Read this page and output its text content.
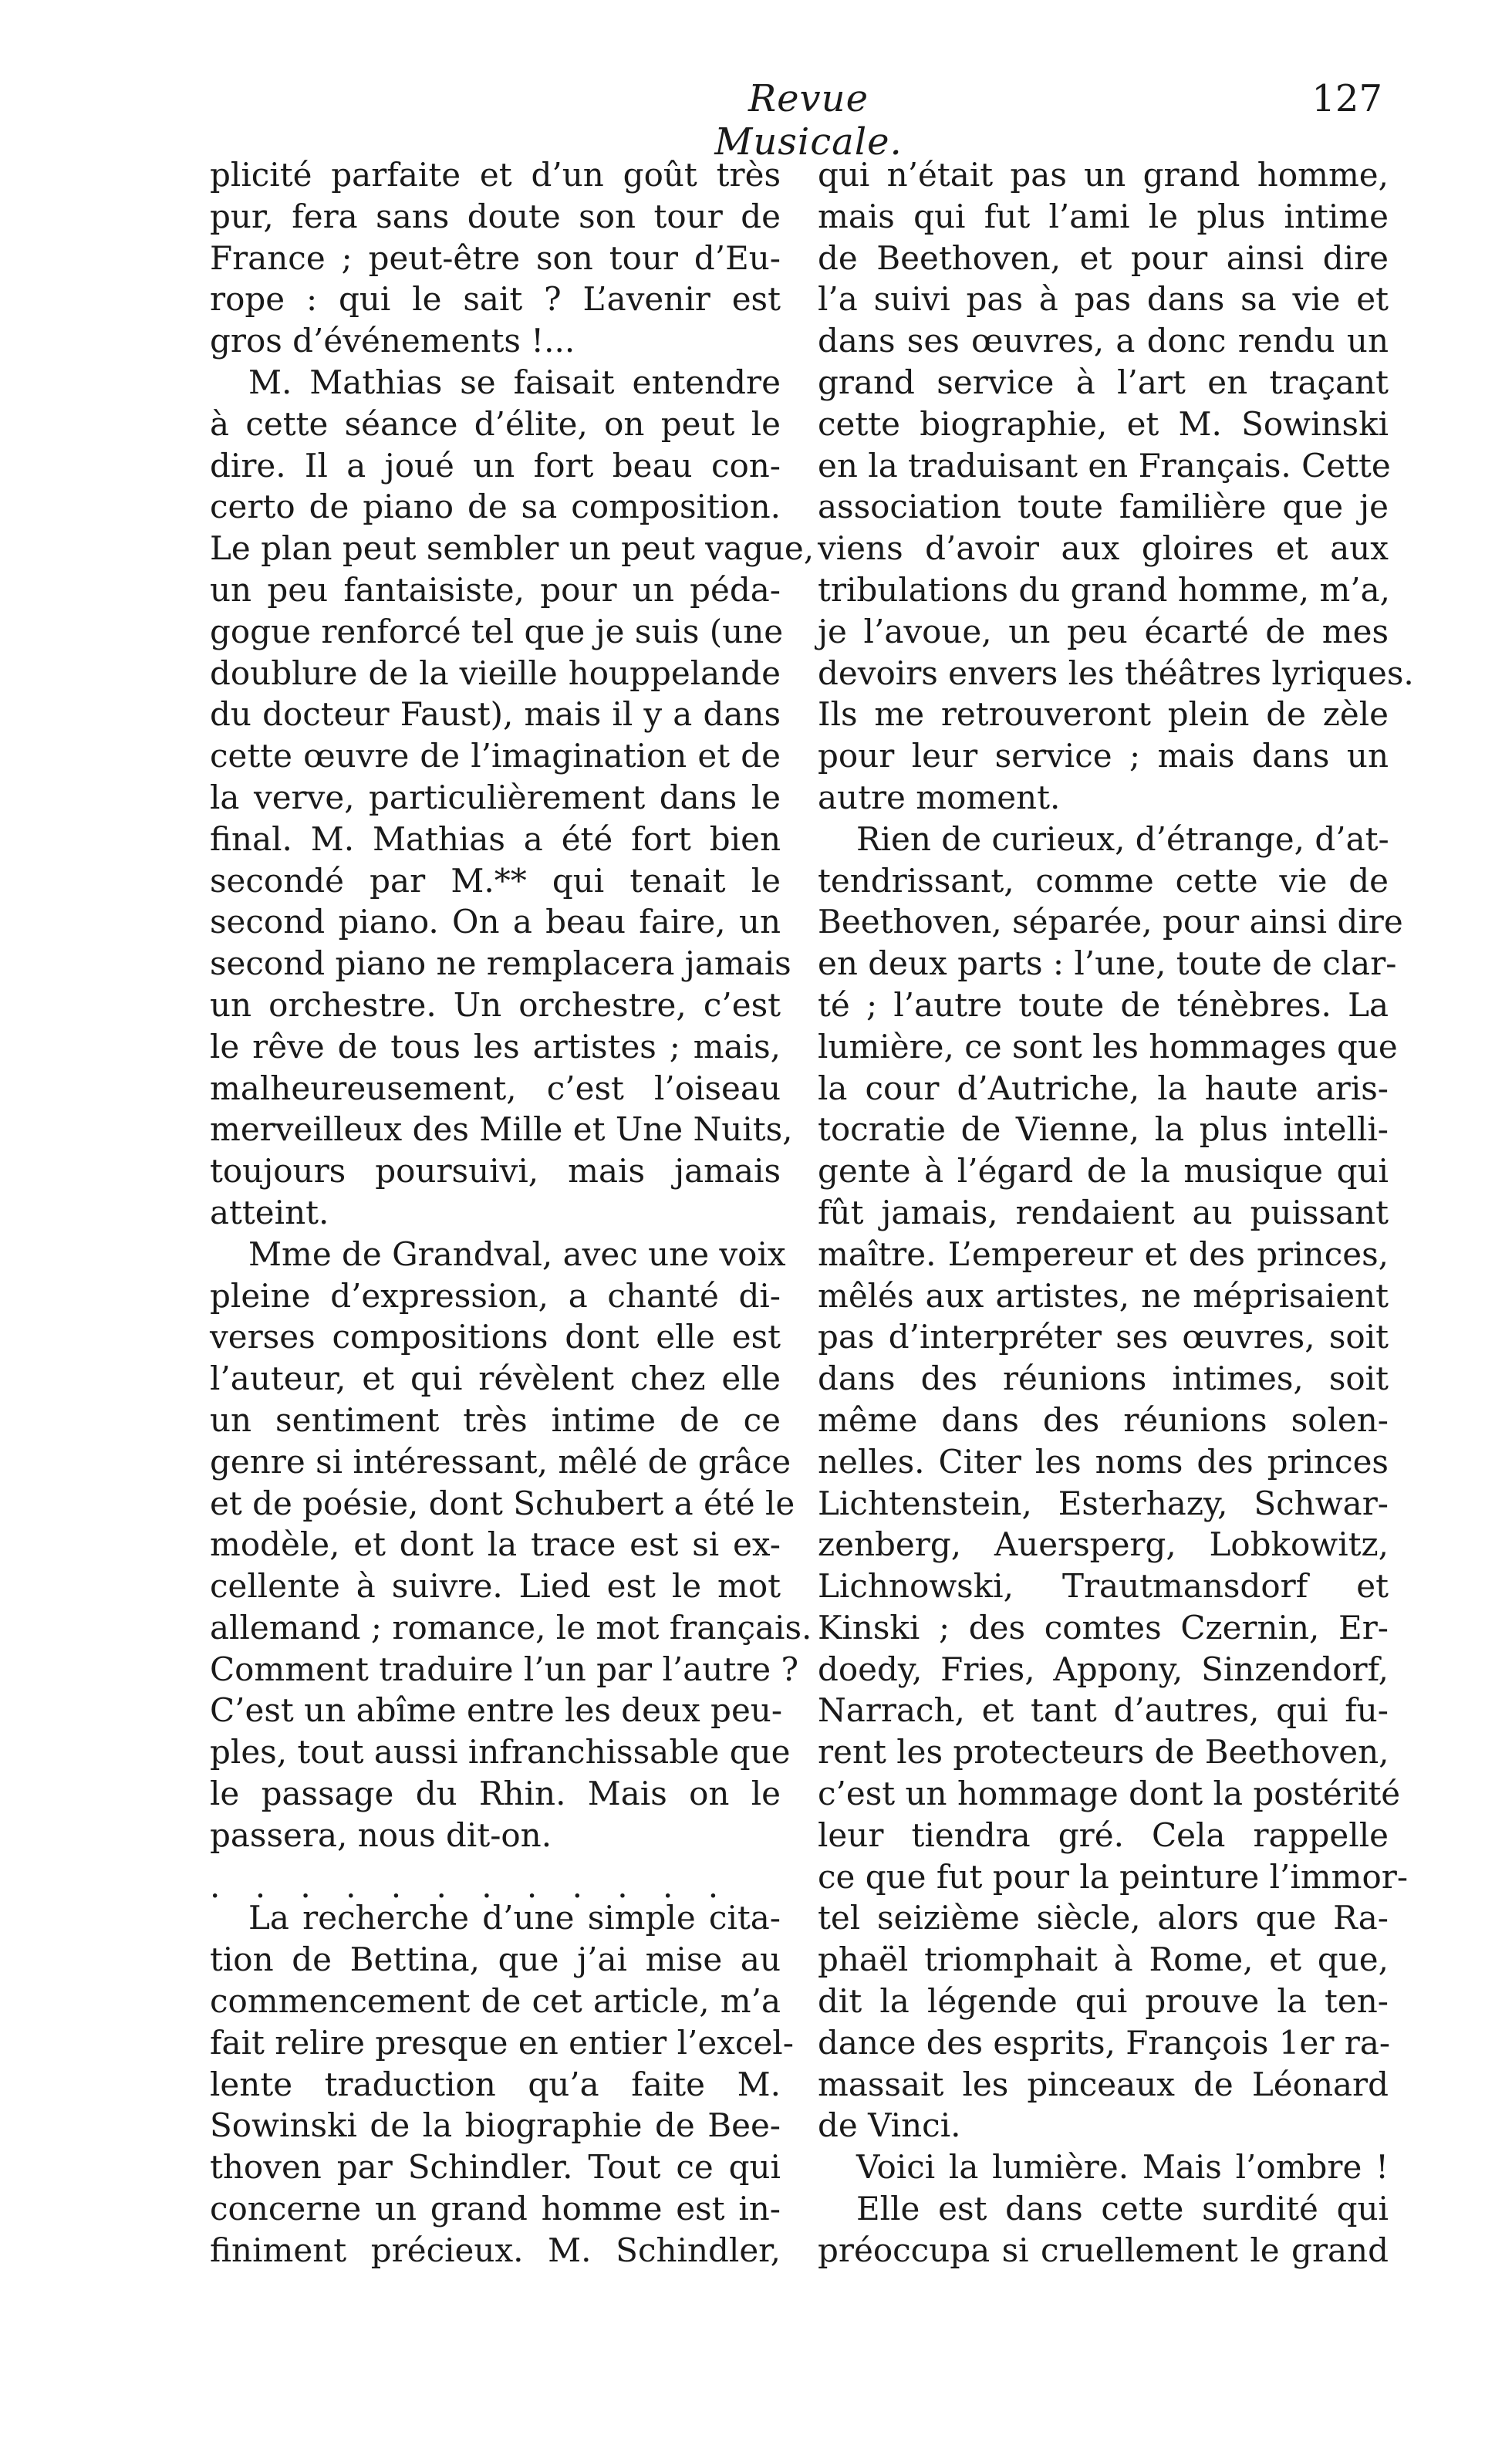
Revue Musicale.
127
plicité parfaite et d’un goût très
pur, fera sans doute son tour de
France ; peut-être son tour d’Eu-
rope : qui le sait ? L’avenir est
gros d’événements !...
M. Mathias se faisait entendre
à cette séance d’élite, on peut le
dire. Il a joué un fort beau con-
certo de piano de sa composition.
Le plan peut sembler un peut vague,
un peu fantaisiste, pour un péda-
gogue renforcé tel que je suis (une
doublure de la vieille houppelande
du docteur Faust), mais il y a dans
cette œuvre de l’imagination et de
la verve, particulièrement dans le
final. M. Mathias a été fort bien
secondé par M.** qui tenait le
second piano. On a beau faire, un
second piano ne remplacera jamais
un orchestre. Un orchestre, c’est
le rêve de tous les artistes ; mais,
malheureusement, c’est l’oiseau
merveilleux des Mille et Une Nuits,
toujours poursuivi, mais jamais
atteint.
Mme de Grandval, avec une voix
pleine d’expression, a chanté di-
verses compositions dont elle est
l’auteur, et qui révèlent chez elle
un sentiment très intime de ce
genre si intéressant, mêlé de grâce
et de poésie, dont Schubert a été le
modèle, et dont la trace est si ex-
cellente à suivre. Lied est le mot
allemand ; romance, le mot français.
Comment traduire l’un par l’autre ?
C’est un abîme entre les deux peu-
ples, tout aussi infranchissable que
le passage du Rhin. Mais on le
passera, nous dit-on.
. . . . . . . . . . . .
La recherche d’une simple cita-
tion de Bettina, que j’ai mise au
commencement de cet article, m’a
fait relire presque en entier l’excel-
lente traduction qu’a faite M.
Sowinski de la biographie de Bee-
thoven par Schindler. Tout ce qui
concerne un grand homme est in-
finiment précieux. M. Schindler,
qui n’était pas un grand homme,
mais qui fut l’ami le plus intime
de Beethoven, et pour ainsi dire
l’a suivi pas à pas dans sa vie et
dans ses œuvres, a donc rendu un
grand service à l’art en traçant
cette biographie, et M. Sowinski
en la traduisant en Français. Cette
association toute familière que je
viens d’avoir aux gloires et aux
tribulations du grand homme, m’a,
je l’avoue, un peu écarté de mes
devoirs envers les théâtres lyriques.
Ils me retrouveront plein de zèle
pour leur service ; mais dans un
autre moment.
Rien de curieux, d’étrange, d’at-
tendrissant, comme cette vie de
Beethoven, séparée, pour ainsi dire
en deux parts : l’une, toute de clar-
té ; l’autre toute de ténèbres. La
lumière, ce sont les hommages que
la cour d’Autriche, la haute aris-
tocratie de Vienne, la plus intelli-
gente à l’égard de la musique qui
fût jamais, rendaient au puissant
maître. L’empereur et des princes,
mêlés aux artistes, ne méprisaient
pas d’interpréter ses œuvres, soit
dans des réunions intimes, soit
même dans des réunions solen-
nelles. Citer les noms des princes
Lichtenstein, Esterhazy, Schwar-
zenberg, Auersperg, Lobkowitz,
Lichnowski, Trautmansdorf et
Kinski ; des comtes Czernin, Er-
doedy, Fries, Appony, Sinzendorf,
Narrach, et tant d’autres, qui fu-
rent les protecteurs de Beethoven,
c’est un hommage dont la postérité
leur tiendra gré. Cela rappelle
ce que fut pour la peinture l’immor-
tel seizième siècle, alors que Ra-
phaël triomphait à Rome, et que,
dit la légende qui prouve la ten-
dance des esprits, François 1er ra-
massait les pinceaux de Léonard
de Vinci.
Voici la lumière. Mais l’ombre !
Elle est dans cette surdité qui
préoccupa si cruellement le grand
